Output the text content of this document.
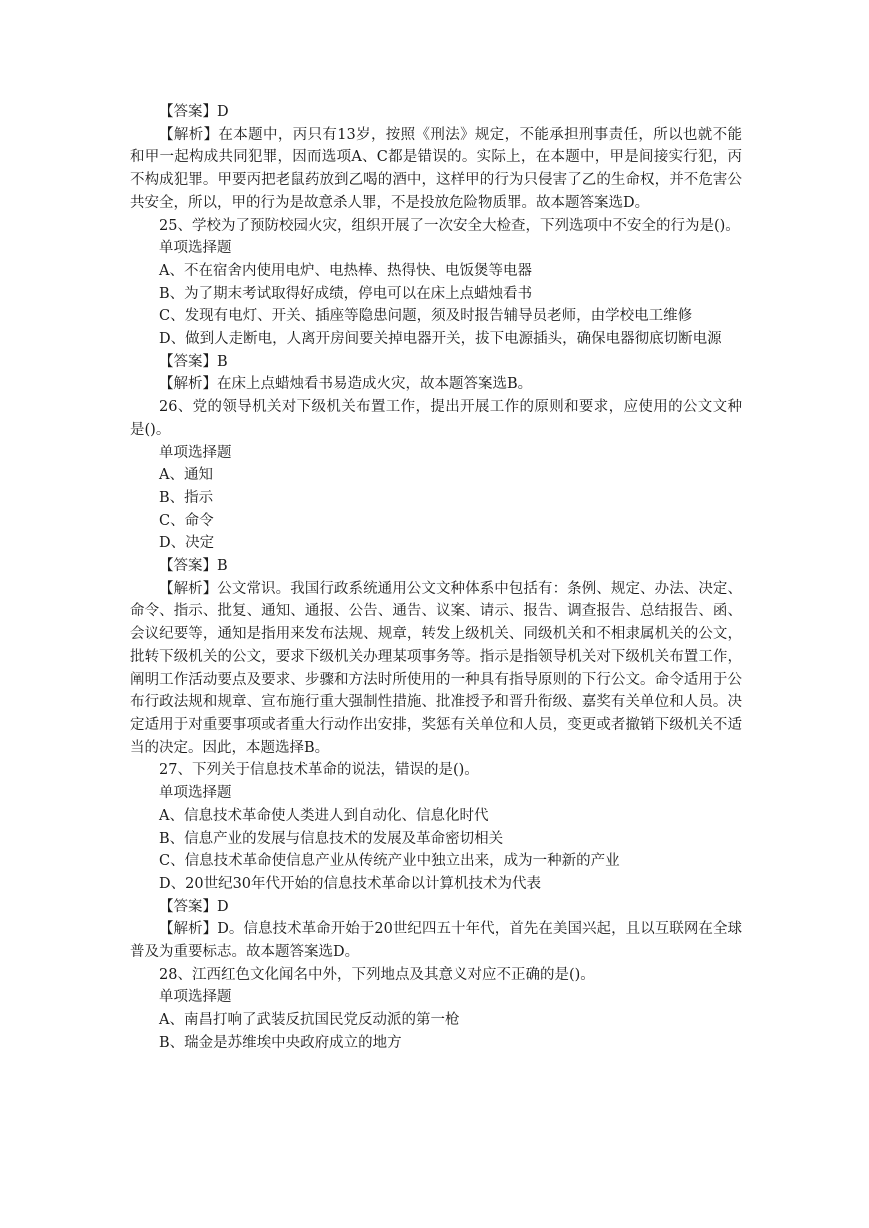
【答案】D

【解析】在本题中，丙只有13岁，按照《刑法》规定，不能承担刑事责任，所以也就不能和甲一起构成共同犯罪，因而选项A、C都是错误的。实际上，在本题中，甲是间接实行犯，丙不构成犯罪。甲要丙把老鼠药放到乙喝的酒中，这样甲的行为只侵害了乙的生命权，并不危害公共安全，所以，甲的行为是故意杀人罪，不是投放危险物质罪。故本题答案选D。

25、学校为了预防校园火灾，组织开展了一次安全大检查，下列选项中不安全的行为是()。

单项选择题

A、不在宿舍内使用电炉、电热棒、热得快、电饭煲等电器

B、为了期末考试取得好成绩，停电可以在床上点蜡烛看书

C、发现有电灯、开关、插座等隐患问题，须及时报告辅导员老师，由学校电工维修

D、做到人走断电，人离开房间要关掉电器开关，拔下电源插头，确保电器彻底切断电源

【答案】B

【解析】在床上点蜡烛看书易造成火灾，故本题答案选B。

26、党的领导机关对下级机关布置工作，提出开展工作的原则和要求，应使用的公文文种是()。

单项选择题

A、通知

B、指示

C、命令

D、决定

【答案】B

【解析】公文常识。我国行政系统通用公文文种体系中包括有：条例、规定、办法、决定、命令、指示、批复、通知、通报、公告、通告、议案、请示、报告、调查报告、总结报告、函、会议纪要等，通知是指用来发布法规、规章，转发上级机关、同级机关和不相隶属机关的公文，批转下级机关的公文，要求下级机关办理某项事务等。指示是指领导机关对下级机关布置工作，阐明工作活动要点及要求、步骤和方法时所使用的一种具有指导原则的下行公文。命令适用于公布行政法规和规章、宣布施行重大强制性措施、批准授予和晋升衔级、嘉奖有关单位和人员。决定适用于对重要事项或者重大行动作出安排，奖惩有关单位和人员，变更或者撤销下级机关不适当的决定。因此，本题选择B。

27、下列关于信息技术革命的说法，错误的是()。

单项选择题

A、信息技术革命使人类进人到自动化、信息化时代

B、信息产业的发展与信息技术的发展及革命密切相关

C、信息技术革命使信息产业从传统产业中独立出来，成为一种新的产业

D、20世纪30年代开始的信息技术革命以计算机技术为代表

【答案】D

【解析】D。信息技术革命开始于20世纪四五十年代，首先在美国兴起，且以互联网在全球普及为重要标志。故本题答案选D。

28、江西红色文化闻名中外，下列地点及其意义对应不正确的是()。

单项选择题

A、南昌打响了武装反抗国民党反动派的第一枪

B、瑞金是苏维埃中央政府成立的地方
